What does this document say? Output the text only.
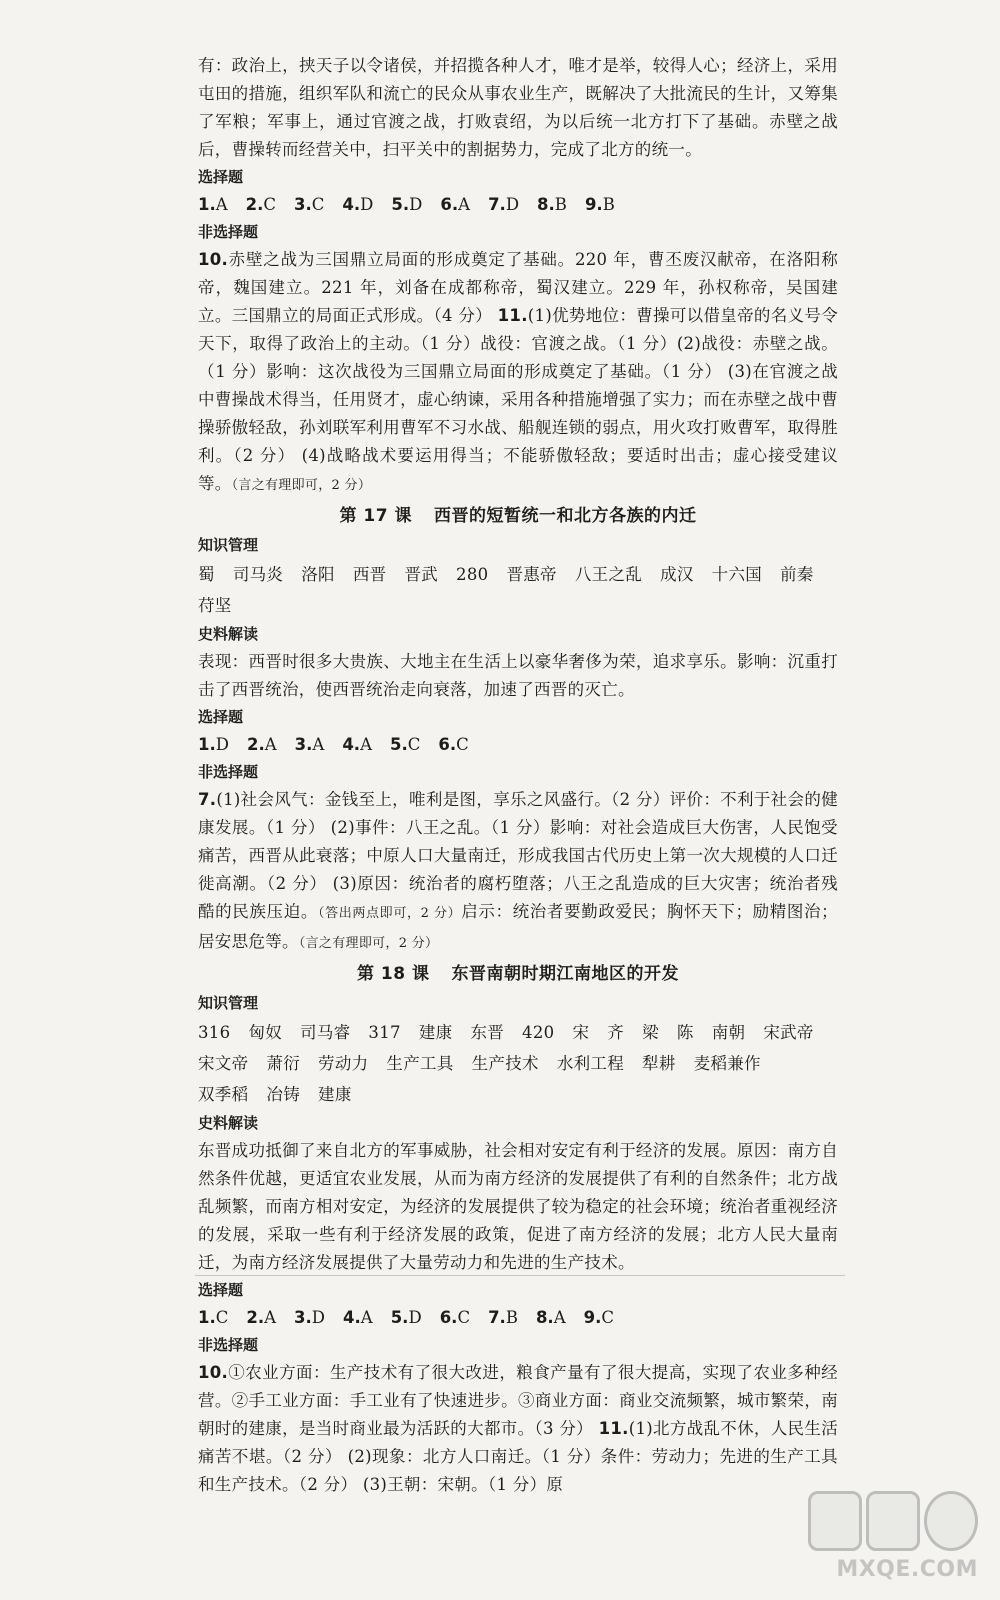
有：政治上，挟天子以令诸侯，并招揽各种人才，唯才是举，较得人心；经济上，采用屯田的措施，组织军队和流亡的民众从事农业生产，既解决了大批流民的生计，又筹集了军粮；军事上，通过官渡之战，打败袁绍，为以后统一北方打下了基础。赤壁之战后，曹操转而经营关中，扫平关中的割据势力，完成了北方的统一。

选择题

1.A 2.C 3.C 4.D 5.D 6.A 7.D 8.B 9.B

非选择题

10.赤壁之战为三国鼎立局面的形成奠定了基础。220 年，曹丕废汉献帝，在洛阳称帝，魏国建立。221 年，刘备在成都称帝，蜀汉建立。229 年，孙权称帝，吴国建立。三国鼎立的局面正式形成。（4 分） 11.(1)优势地位：曹操可以借皇帝的名义号令天下，取得了政治上的主动。（1 分）战役：官渡之战。（1 分）(2)战役：赤壁之战。（1 分）影响：这次战役为三国鼎立局面的形成奠定了基础。（1 分） (3)在官渡之战中曹操战术得当，任用贤才，虚心纳谏，采用各种措施增强了实力；而在赤壁之战中曹操骄傲轻敌，孙刘联军利用曹军不习水战、船舰连锁的弱点，用火攻打败曹军，取得胜利。（2 分） (4)战略战术要运用得当；不能骄傲轻敌；要适时出击；虚心接受建议等。（言之有理即可，2 分）

第 17 课 西晋的短暂统一和北方各族的内迁

知识管理

蜀 司马炎 洛阳 西晋 晋武 280 晋惠帝 八王之乱 成汉 十六国 前秦苻坚

史料解读

表现：西晋时很多大贵族、大地主在生活上以豪华奢侈为荣，追求享乐。影响：沉重打击了西晋统治，使西晋统治走向衰落，加速了西晋的灭亡。

选择题

1.D 2.A 3.A 4.A 5.C 6.C

非选择题

7.(1)社会风气：金钱至上，唯利是图，享乐之风盛行。（2 分）评价：不利于社会的健康发展。（1 分） (2)事件：八王之乱。（1 分）影响：对社会造成巨大伤害，人民饱受痛苦，西晋从此衰落；中原人口大量南迁，形成我国古代历史上第一次大规模的人口迁徙高潮。（2 分） (3)原因：统治者的腐朽堕落；八王之乱造成的巨大灾害；统治者残酷的民族压迫。（答出两点即可，2 分）启示：统治者要勤政爱民；胸怀天下；励精图治；居安思危等。（言之有理即可，2 分）

第 18 课 东晋南朝时期江南地区的开发

知识管理

316 匈奴 司马睿 317 建康 东晋 420 宋 齐 梁 陈 南朝 宋武帝宋文帝 萧衍 劳动力 生产工具 生产技术 水利工程 犁耕 麦稻兼作双季稻 冶铸 建康

史料解读

东晋成功抵御了来自北方的军事威胁，社会相对安定有利于经济的发展。原因：南方自然条件优越，更适宜农业发展，从而为南方经济的发展提供了有利的自然条件；北方战乱频繁，而南方相对安定，为经济的发展提供了较为稳定的社会环境；统治者重视经济的发展，采取一些有利于经济发展的政策，促进了南方经济的发展；北方人民大量南迁，为南方经济发展提供了大量劳动力和先进的生产技术。

选择题

1.C 2.A 3.D 4.A 5.D 6.C 7.B 8.A 9.C

非选择题

10.①农业方面：生产技术有了很大改进，粮食产量有了很大提高，实现了农业多种经营。②手工业方面：手工业有了快速进步。③商业方面：商业交流频繁，城市繁荣，南朝时的建康，是当时商业最为活跃的大都市。（3 分） 11.(1)北方战乱不休，人民生活痛苦不堪。（2 分） (2)现象：北方人口南迁。（1 分）条件：劳动力；先进的生产工具和生产技术。（2 分） (3)王朝：宋朝。（1 分）原

MXQE.COM
